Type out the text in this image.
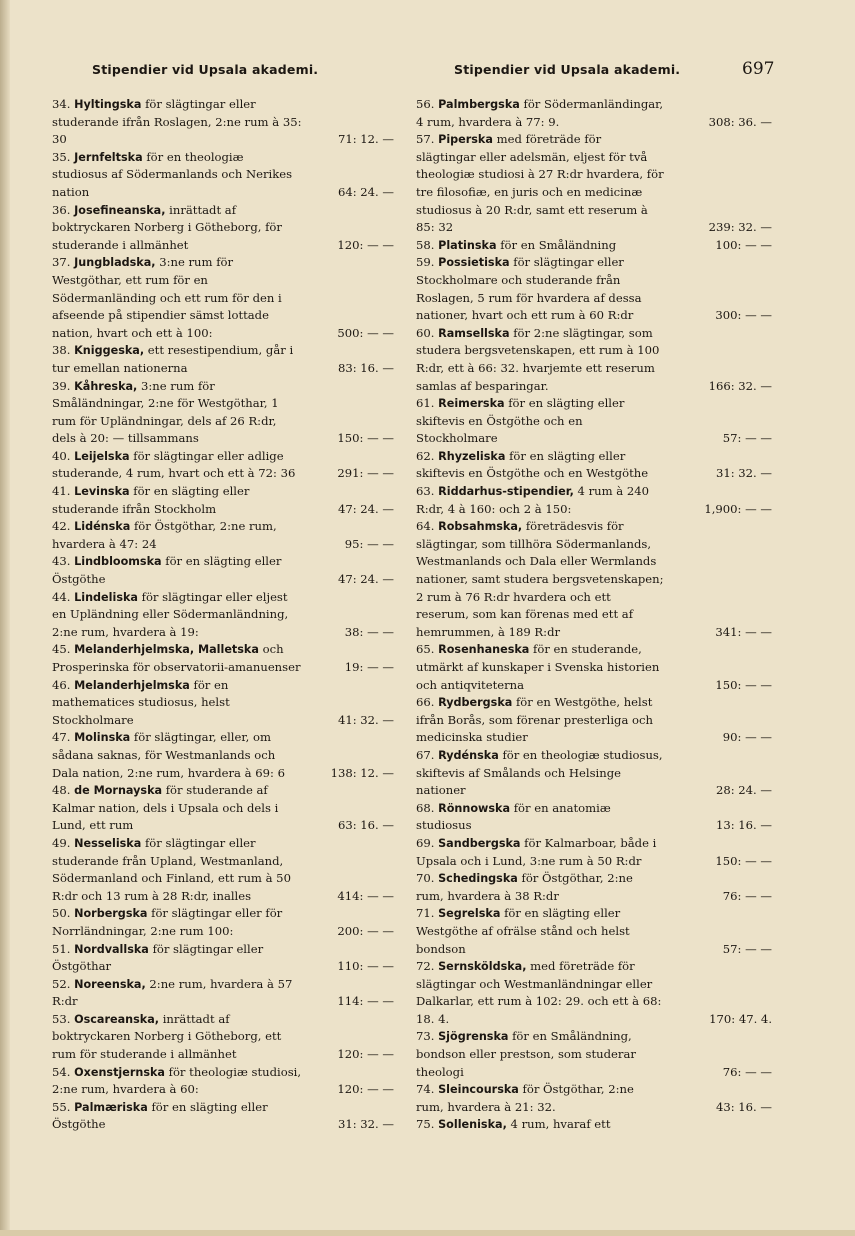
Stipendier vid Upsala akademi.	Stipendier vid Upsala akademi.	697
34. Hyltingska för slägtingar eller studerande ifrån Roslagen, 2:ne rum à 35: 30	71: 12. —
35. Jernfeltska för en theologiæ studiosus af Södermanlands och Nerikes nation	64: 24. —
36. Josefineanska, inrättadt af boktryckaren Norberg i Götheborg, för studerande i allmänhet	120: — —
37. Jungbladska, 3:ne rum för Westgöthar, ett rum för en Södermanländing och ett rum för den i afseende på stipendier sämst lottade nation, hvart och ett à 100:	500: — —
38. Kniggeska, ett resestipendium, går i tur emellan nationerna	83: 16. —
39. Kåhreska, 3:ne rum för Småländningar, 2:ne för Westgöthar, 1 rum för Upländningar, dels af 26 R:dr, dels à 20: — tillsammans	150: — —
40. Leijelska för slägtingar eller adlige studerande, 4 rum, hvart och ett à 72: 36	291: — —
41. Levinska för en slägting eller studerande ifrån Stockholm	47: 24. —
42. Lidénska för Östgöthar, 2:ne rum, hvardera à 47: 24	95: — —
43. Lindbloomska för en slägting eller Östgöthe	47: 24. —
44. Lindeliska för slägtingar eller eljest en Upländning eller Södermanländning, 2:ne rum, hvardera à 19:	38: — —
45. Melanderhjelmska, Malletska och Prosperinska för observatorii-amanuenser	19: — —
46. Melanderhjelmska för en mathematices studiosus, helst Stockholmare	41: 32. —
47. Molinska för slägtingar, eller, om sådana saknas, för Westmanlands och Dala nation, 2:ne rum, hvardera à 69: 6	138: 12. —
48. de Mornayska för studerande af Kalmar nation, dels i Upsala och dels i Lund, ett rum	63: 16. —
49. Nesseliska för slägtingar eller studerande från Upland, Westmanland, Södermanland och Finland, ett rum à 50 R:dr och 13 rum à 28 R:dr, inalles	414: — —
50. Norbergska för slägtingar eller för Norrländningar, 2:ne rum 100:	200: — —
51. Nordvallska för slägtingar eller Östgöthar	110: — —
52. Noreenska, 2:ne rum, hvardera à 57 R:dr	114: — —
53. Oscareanska, inrättadt af boktryckaren Norberg i Götheborg, ett rum för studerande i allmänhet	120: — —
54. Oxenstjernska för theologiæ studiosi, 2:ne rum, hvardera à 60:	120: — —
55. Palmæriska för en slägting eller Östgöthe	31: 32. —
56. Palmbergska för Södermanländingar, 4 rum, hvardera à 77: 9.	308: 36. —
57. Piperska med företräde för slägtingar eller adelsmän, eljest för två theologiæ studiosi à 27 R:dr hvardera, för tre filosofiæ, en juris och en medicinæ studiosus à 20 R:dr, samt ett reserum à 85: 32	239: 32. —
58. Platinska för en Småländning	100: — —
59. Possietiska för slägtingar eller Stockholmare och studerande från Roslagen, 5 rum för hvardera af dessa nationer, hvart och ett rum à 60 R:dr	300: — —
60. Ramsellska för 2:ne slägtingar, som studera bergsvetenskapen, ett rum à 100 R:dr, ett à 66: 32. hvarjemte ett reserum samlas af besparingar.	166: 32. —
61. Reimerska för en slägting eller skiftevis en Östgöthe och en Stockholmare	57: — —
62. Rhyzeliska för en slägting eller skiftevis en Östgöthe och en Westgöthe	31: 32. —
63. Riddarhus-stipendier, 4 rum à 240 R:dr, 4 à 160: och 2 à 150:	1,900: — —
64. Robsahmska, företrädesvis för slägtingar, som tillhöra Södermanlands, Westmanlands och Dala eller Wermlands nationer, samt studera bergsvetenskapen; 2 rum à 76 R:dr hvardera och ett reserum, som kan förenas med ett af hemrummen, à 189 R:dr	341: — —
65. Rosenhaneska för en studerande, utmärkt af kunskaper i Svenska historien och antiqviteterna	150: — —
66. Rydbergska för en Westgöthe, helst ifrån Borås, som förenar presterliga och medicinska studier	90: — —
67. Rydénska för en theologiæ studiosus, skiftevis af Smålands och Helsinge nationer	28: 24. —
68. Rönnowska för en anatomiæ studiosus	13: 16. —
69. Sandbergska för Kalmarboar, både i Upsala och i Lund, 3:ne rum à 50 R:dr	150: — —
70. Schedingska för Östgöthar, 2:ne rum, hvardera à 38 R:dr	76: — —
71. Segrelska för en slägting eller Westgöthe af ofrälse stånd och helst bondson	57: — —
72. Sernsköldska, med företräde för slägtingar och Westmanländningar eller Dalkarlar, ett rum à 102: 29. och ett à 68: 18. 4.	170: 47. 4.
73. Sjögrenska för en Småländning, bondson eller prestson, som studerar theologi	76: — —
74. Sleincourska för Östgöthar, 2:ne rum, hvardera à 21: 32.	43: 16. —
75. Solleniska, 4 rum, hvaraf ett
